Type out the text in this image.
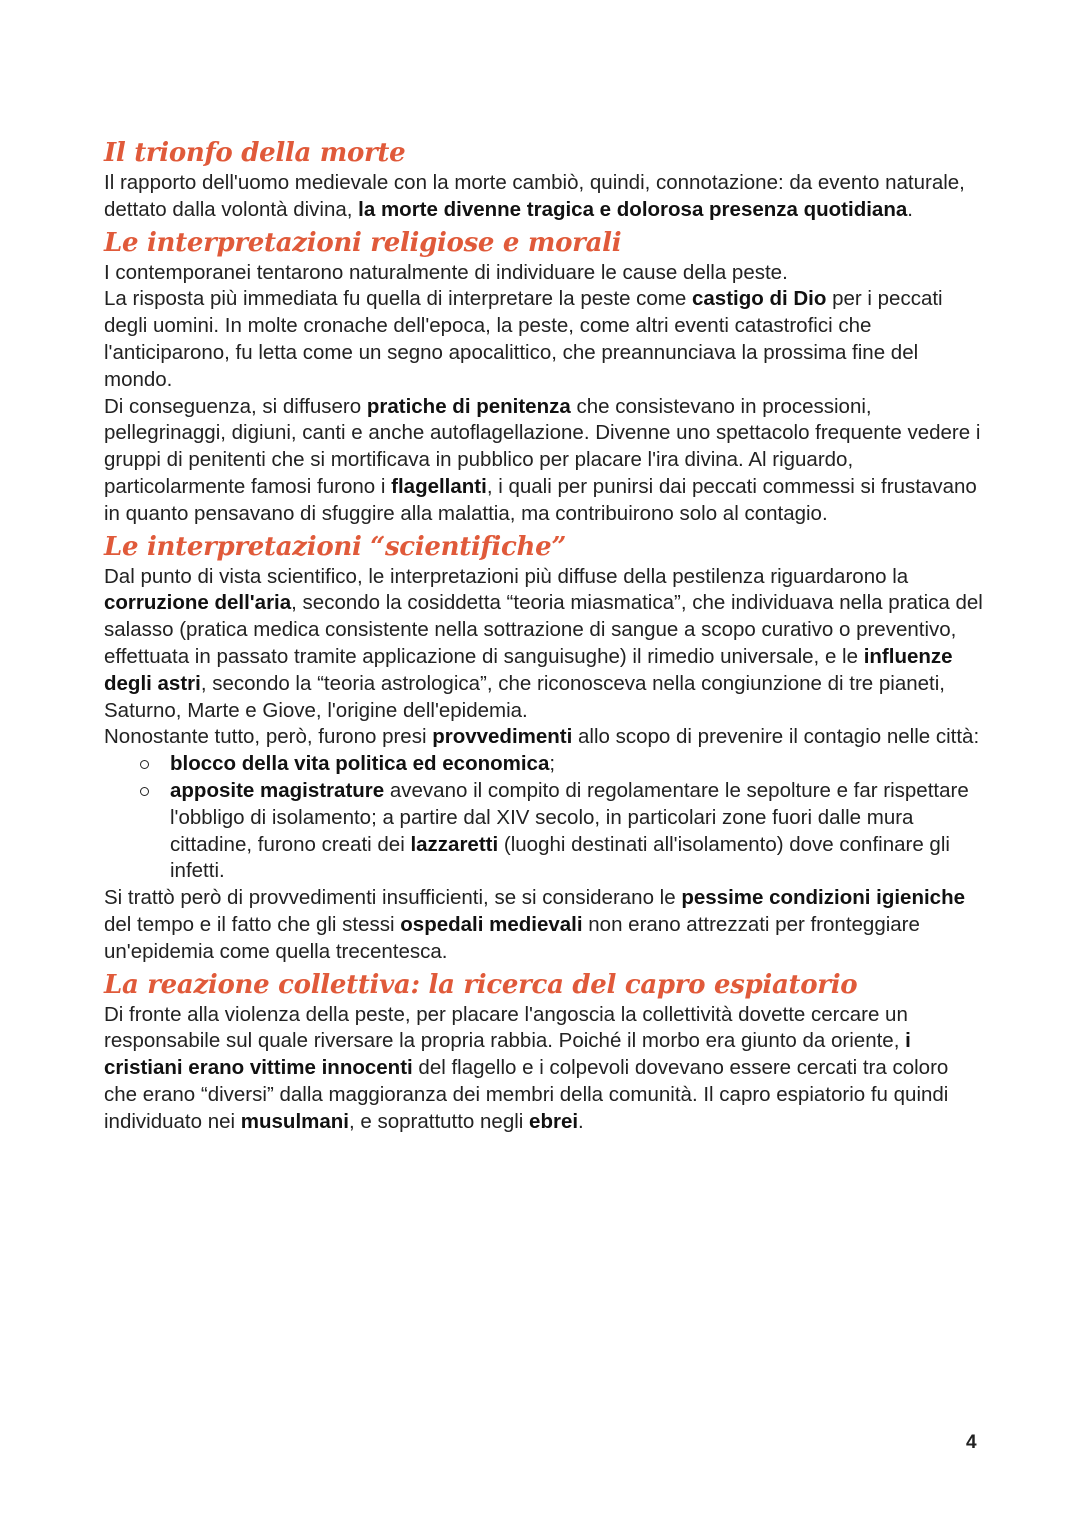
Il trionfo della morte

Il rapporto dell'uomo medievale con la morte cambiò, quindi, connotazione: da evento naturale, dettato dalla volontà divina, la morte divenne tragica e dolorosa presenza quotidiana.

Le interpretazioni religiose e morali

I contemporanei tentarono naturalmente di individuare le cause della peste.

La risposta più immediata fu quella di interpretare la peste come castigo di Dio per i peccati degli uomini. In molte cronache dell'epoca, la peste, come altri eventi catastrofici che l'anticiparono, fu letta come un segno apocalittico, che preannunciava la prossima fine del mondo.

Di conseguenza, si diffusero pratiche di penitenza che consistevano in processioni, pellegrinaggi, digiuni, canti e anche autoflagellazione. Divenne uno spettacolo frequente vedere i gruppi di penitenti che si mortificava in pubblico per placare l'ira divina. Al riguardo, particolarmente famosi furono i flagellanti, i quali per punirsi dai peccati commessi si frustavano in quanto pensavano di sfuggire alla malattia, ma contribuirono solo al contagio.

Le interpretazioni “scientifiche”

Dal punto di vista scientifico, le interpretazioni più diffuse della pestilenza riguardarono la corruzione dell'aria, secondo la cosiddetta “teoria miasmatica”, che individuava nella pratica del salasso (pratica medica consistente nella sottrazione di sangue a scopo curativo o preventivo, effettuata in passato tramite applicazione di sanguisughe) il rimedio universale, e le influenze degli astri, secondo la “teoria astrologica”, che riconosceva nella congiunzione di tre pianeti, Saturno, Marte e Giove, l'origine dell'epidemia.

Nonostante tutto, però, furono presi provvedimenti allo scopo di prevenire il contagio nelle città:

blocco della vita politica ed economica;
apposite magistrature avevano il compito di regolamentare le sepolture e far rispettare l'obbligo di isolamento; a partire dal XIV secolo, in particolari zone fuori dalle mura cittadine, furono creati dei lazzaretti (luoghi destinati all'isolamento) dove confinare gli infetti.

Si trattò però di provvedimenti insufficienti, se si considerano le pessime condizioni igieniche del tempo e il fatto che gli stessi ospedali medievali non erano attrezzati per fronteggiare un'epidemia come quella trecentesca.

La reazione collettiva: la ricerca del capro espiatorio

Di fronte alla violenza della peste, per placare l'angoscia la collettività dovette cercare un responsabile sul quale riversare la propria rabbia. Poiché il morbo era giunto da oriente, i cristiani erano vittime innocenti del flagello e i colpevoli dovevano essere cercati tra coloro che erano “diversi” dalla maggioranza dei membri della comunità. Il capro espiatorio fu quindi individuato nei musulmani, e soprattutto negli ebrei.

4
